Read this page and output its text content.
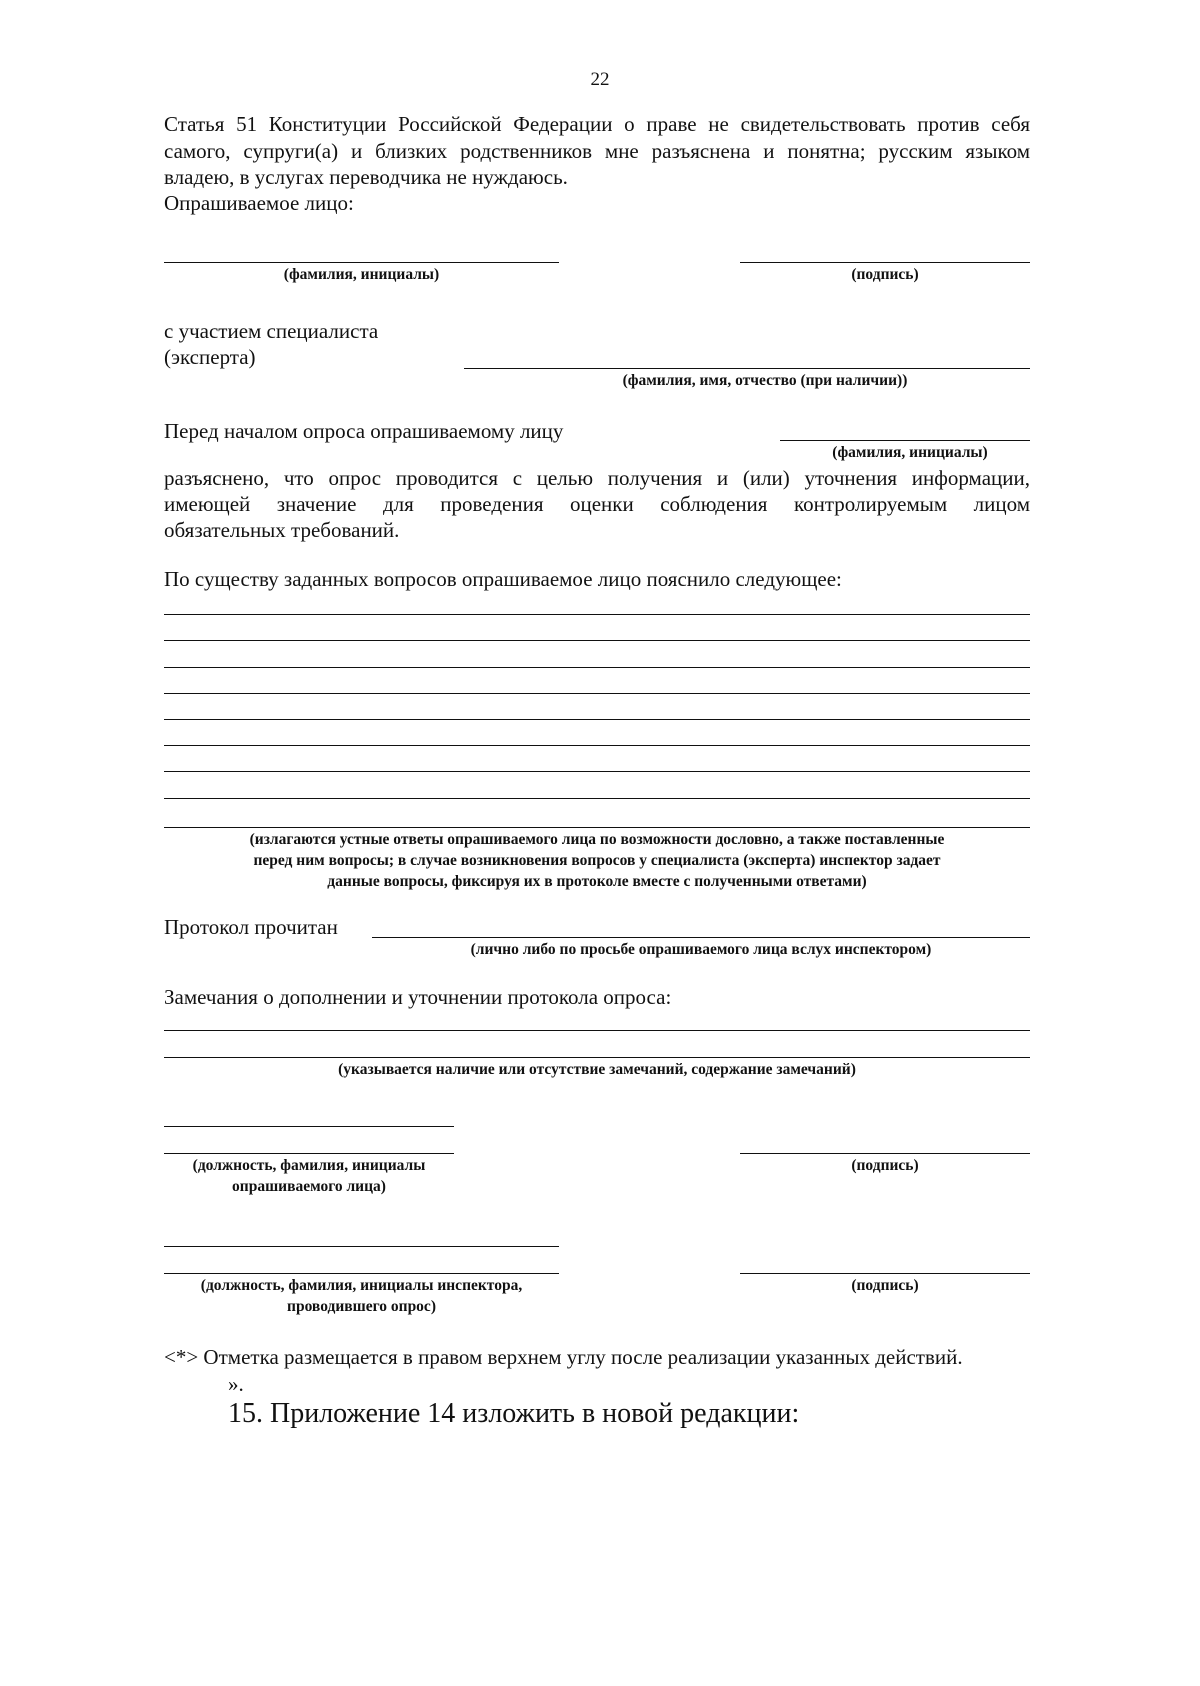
22
Статья 51 Конституции Российской Федерации о праве не свидетельствовать против себя
самого, супруги(а) и близких родственников мне разъяснена и понятна; русским языком
владею, в услугах переводчика не нуждаюсь.
Опрашиваемое лицо:
(фамилия, инициалы)	(подпись)
с участием специалиста
(эксперта)
(фамилия, имя, отчество (при наличии))
Перед началом опроса опрашиваемому лицу
(фамилия, инициалы)
разъяснено, что опрос проводится с целью получения и (или) уточнения информации,
имеющей значение для проведения оценки соблюдения контролируемым лицом
обязательных требований.
По существу заданных вопросов опрашиваемое лицо пояснило следующее:
(излагаются устные ответы опрашиваемого лица по возможности дословно, а также поставленные
перед ним вопросы; в случае возникновения вопросов у специалиста (эксперта) инспектор задает
данные вопросы, фиксируя их в протоколе вместе с полученными ответами)
Протокол прочитан
(лично либо по просьбе опрашиваемого лица вслух инспектором)
Замечания о дополнении и уточнении протокола опроса:
(указывается наличие или отсутствие замечаний, содержание замечаний)
(должность, фамилия, инициалы
опрашиваемого лица)
(подпись)
(должность, фамилия, инициалы инспектора,
проводившего опрос)
(подпись)
<*> Отметка размещается в правом верхнем углу после реализации указанных действий.
».
15. Приложение 14 изложить в новой редакции:
